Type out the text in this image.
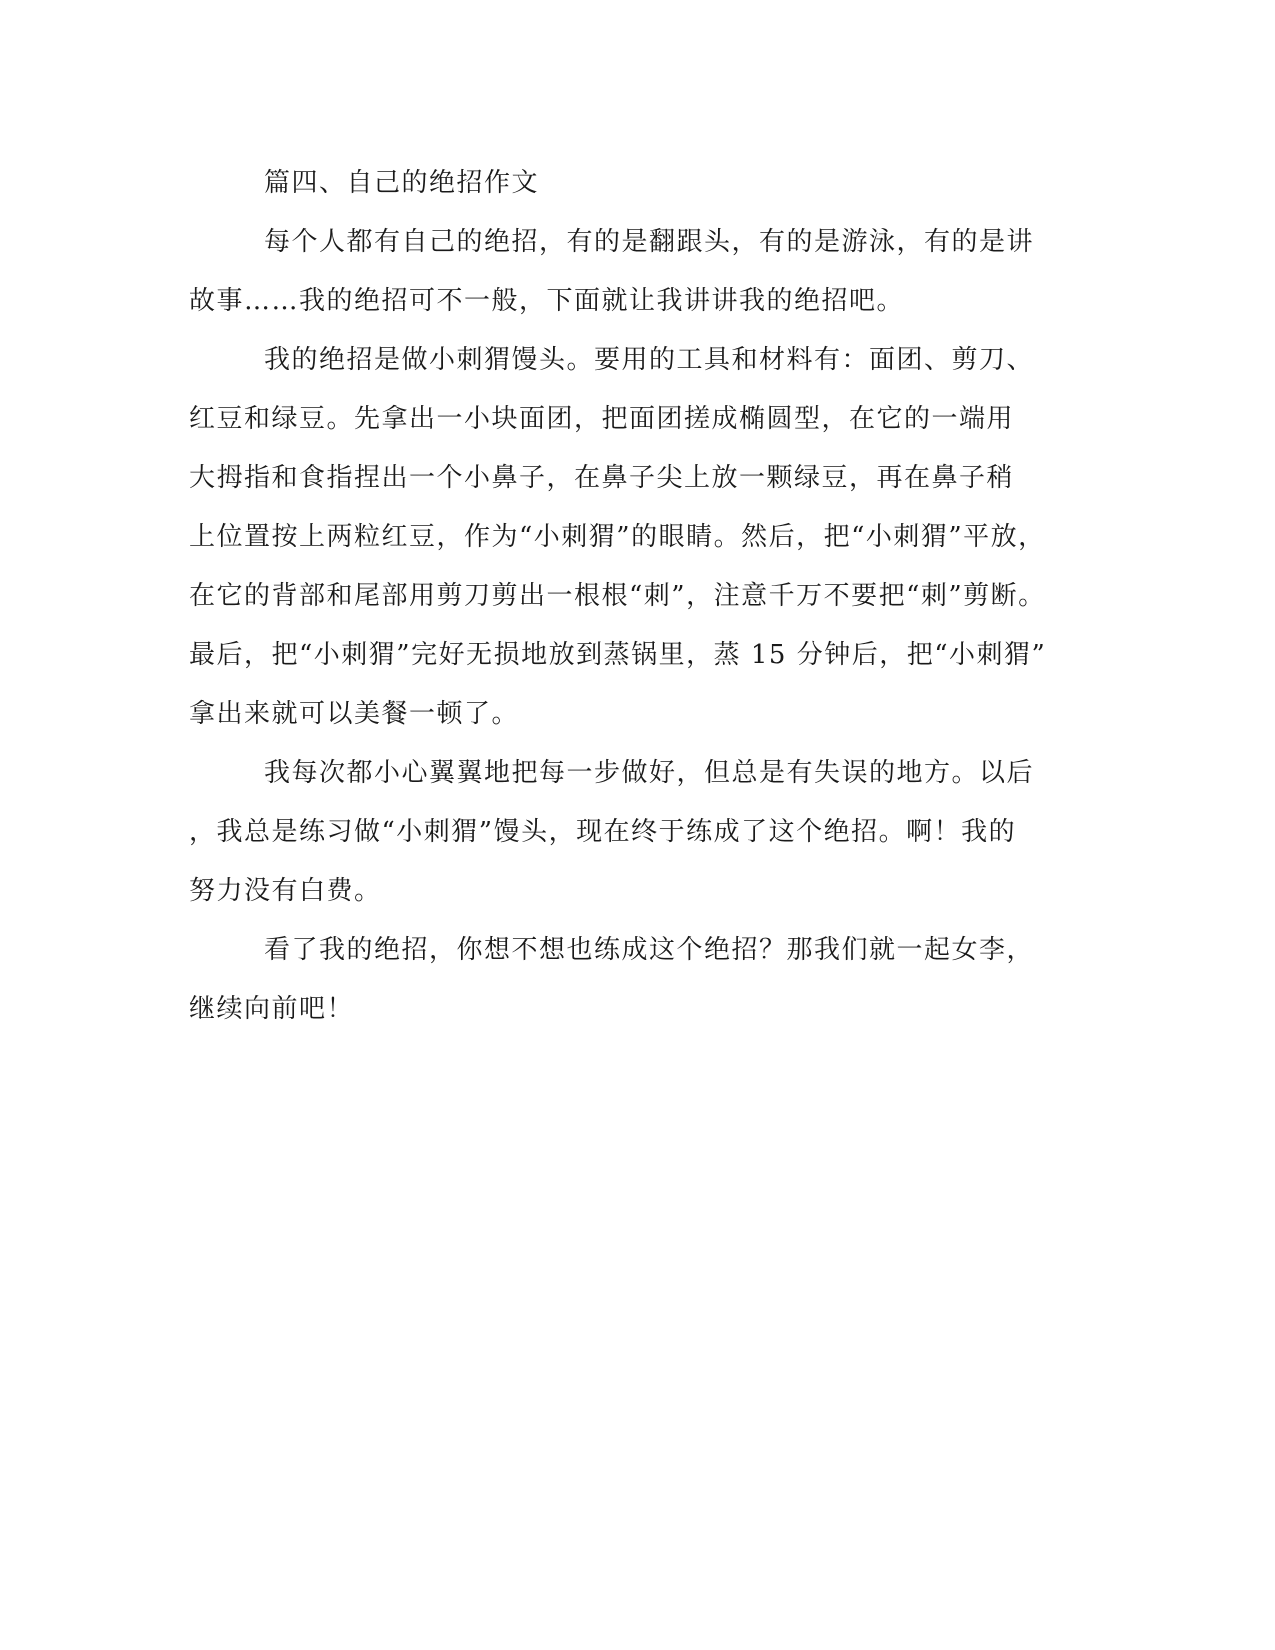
篇四、自己的绝招作文
每个人都有自己的绝招，有的是翻跟头，有的是游泳，有的是讲
故事……我的绝招可不一般，下面就让我讲讲我的绝招吧。
我的绝招是做小刺猬馒头。要用的工具和材料有：面团、剪刀、
红豆和绿豆。先拿出一小块面团，把面团搓成椭圆型，在它的一端用
大拇指和食指捏出一个小鼻子，在鼻子尖上放一颗绿豆，再在鼻子稍
上位置按上两粒红豆，作为“小刺猬”的眼睛。然后，把“小刺猬”平放，
在它的背部和尾部用剪刀剪出一根根“刺”，注意千万不要把“刺”剪断。
最后，把“小刺猬”完好无损地放到蒸锅里，蒸 15 分钟后，把“小刺猬”
拿出来就可以美餐一顿了。
我每次都小心翼翼地把每一步做好，但总是有失误的地方。以后
，我总是练习做“小刺猬”馒头，现在终于练成了这个绝招。啊！我的
努力没有白费。
看了我的绝招，你想不想也练成这个绝招？那我们就一起女李，
继续向前吧！
